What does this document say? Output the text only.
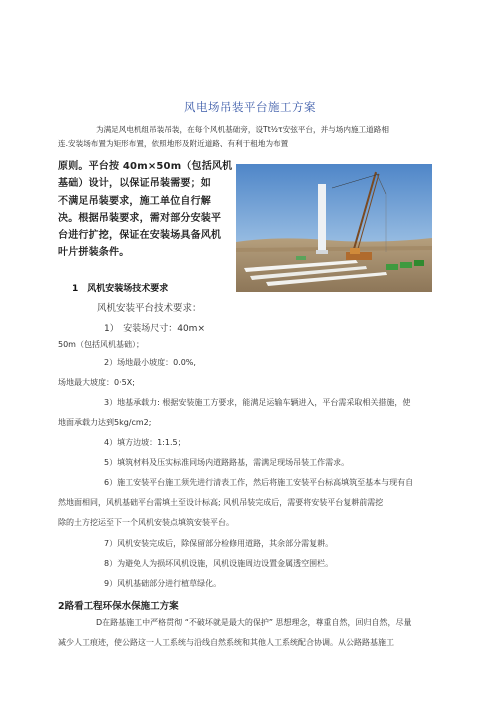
风电场吊装平台施工方案
为满足风电机组吊装吊装，在每个风机基础旁，设Tt½τ安弦平台，并与场内施工道路相
连.安装场布置为矩形布置，依照地形及附近道路、有利于租地为布置
原则。平台按 40m×50m（包括风机
基础）设计，以保证吊装需要；如
不满足吊装要求，施工单位自行解
决。根据吊装要求，需对部分安装平
台进行扩挖，保证在安装场具备风机
叶片拼装条件。
1　风机安装场技术要求
风机安装平台技术要求：
1）　安装场尺寸：40m×
50m（包括风机基础）；
2）场地最小坡度：0.0%,
场地最大坡度：0·5X;
3）地基承载力: 根据安装施工方要求，能满足运输车辆进入，平台需采取相关措施，使
地面承载力达到5kg∕cm2;
4）填方边坡：1:1.5；
5）填筑材料及压实标准同场内道路路基，需满足现场吊装工作需求。
6）施工安装平台施工须先进行清表工作，然后将施工安装平台标高填筑至基本与现有自
然地面相同，风机基础平台需填土至设计标高; 风机吊装完成后，需要将安装平台复耕前需挖
除的土方挖运至下一个风机安装点填筑安装平台。
7）风机安装完成后，除保留部分检修用道路，其余部分需复耕。
8）为避免人为损坏风机设施，风机设施周边设置金属透空围栏。
9）风机基础部分进行植草绿化。
2路看工程环保水保施工方案
D在路基施工中严格贯彻 “不破坏就是最大的保护” 思想理念，尊重自然，回归自然，尽量
减少人工痕迹，使公路这一人工系统与沿线自然系统和其他人工系统配合协调。从公路路基施工
